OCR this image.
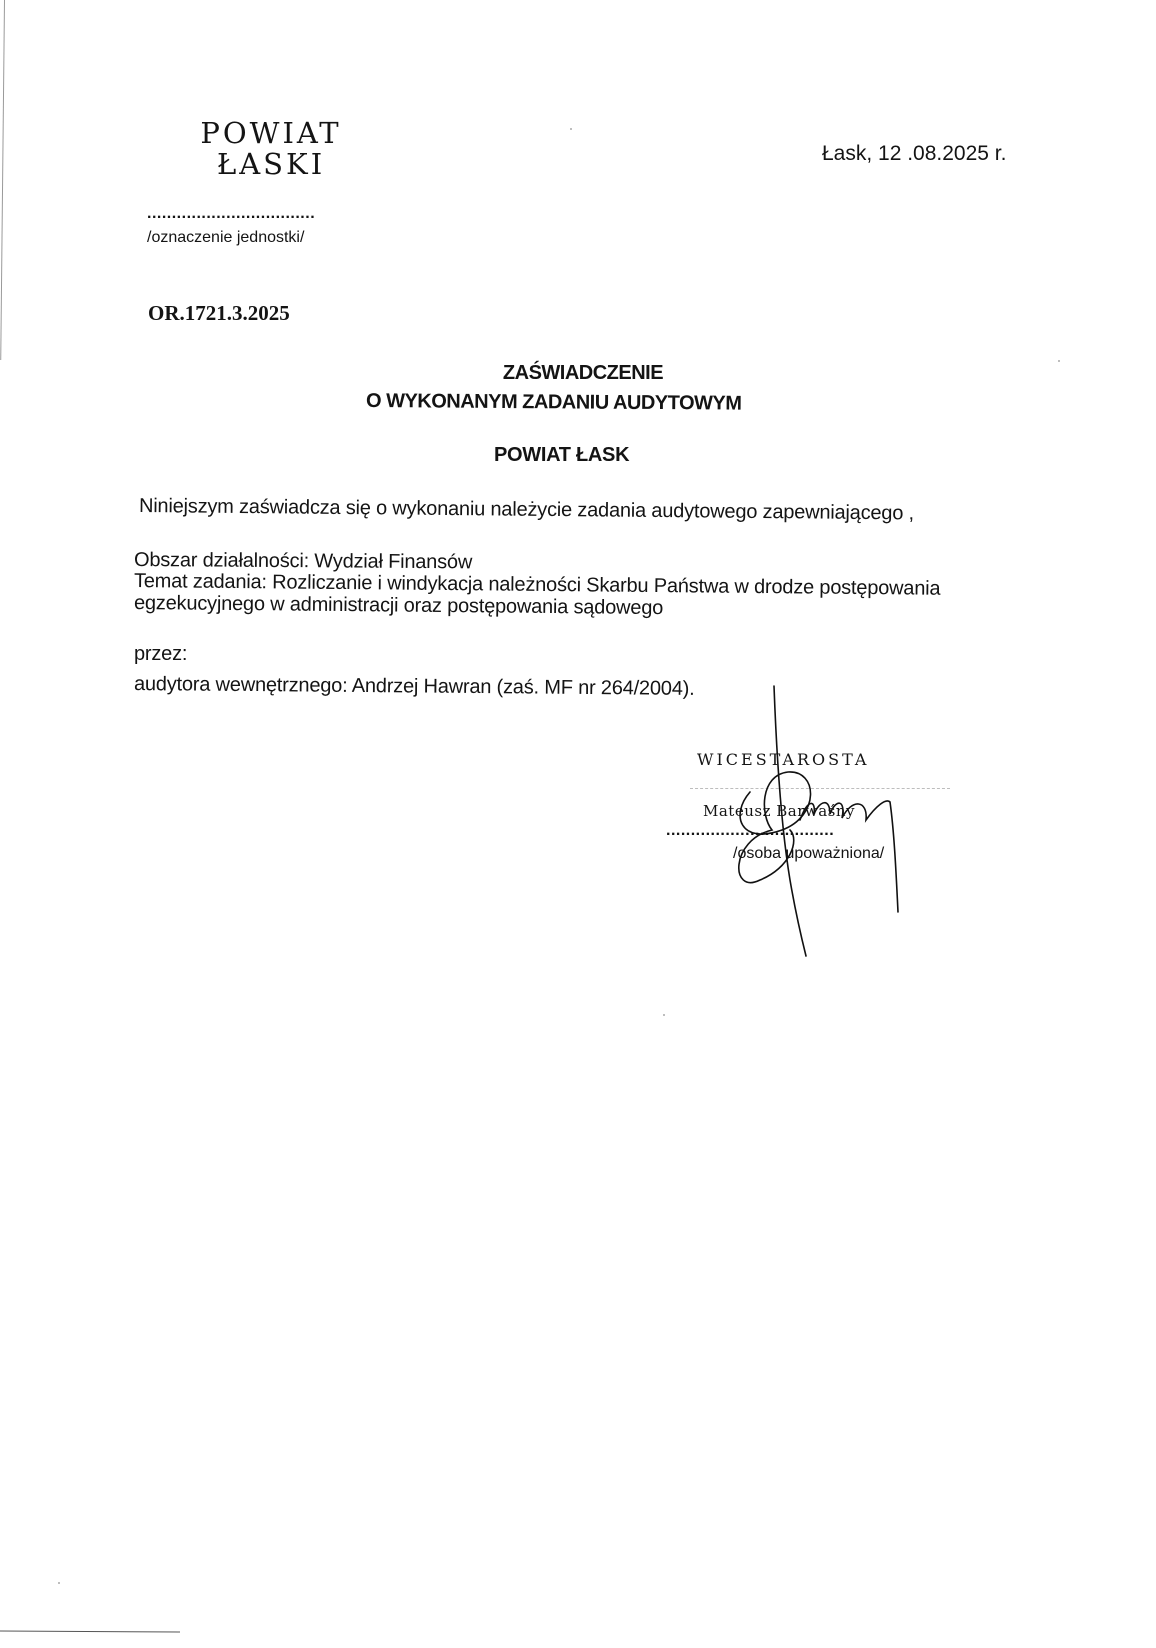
POWIAT
ŁASKI
..................................
/oznaczenie jednostki/
Łask, 12 .08.2025 r.
OR.1721.3.2025
ZAŚWIADCZENIE
O WYKONANYM ZADANIU AUDYTOWYM
POWIAT ŁASK
Niniejszym zaświadcza się o wykonaniu należycie zadania audytowego zapewniającego ,
Obszar działalności: Wydział Finansów
Temat zadania: Rozliczanie i windykacja należności Skarbu Państwa w drodze postępowania
egzekucyjnego w administracji oraz postępowania sądowego
przez:
audytora wewnętrznego: Andrzej Hawran (zaś. MF nr 264/2004).
WICESTAROSTA
Mateusz Barwaśny
..................................
/osoba upoważniona/
